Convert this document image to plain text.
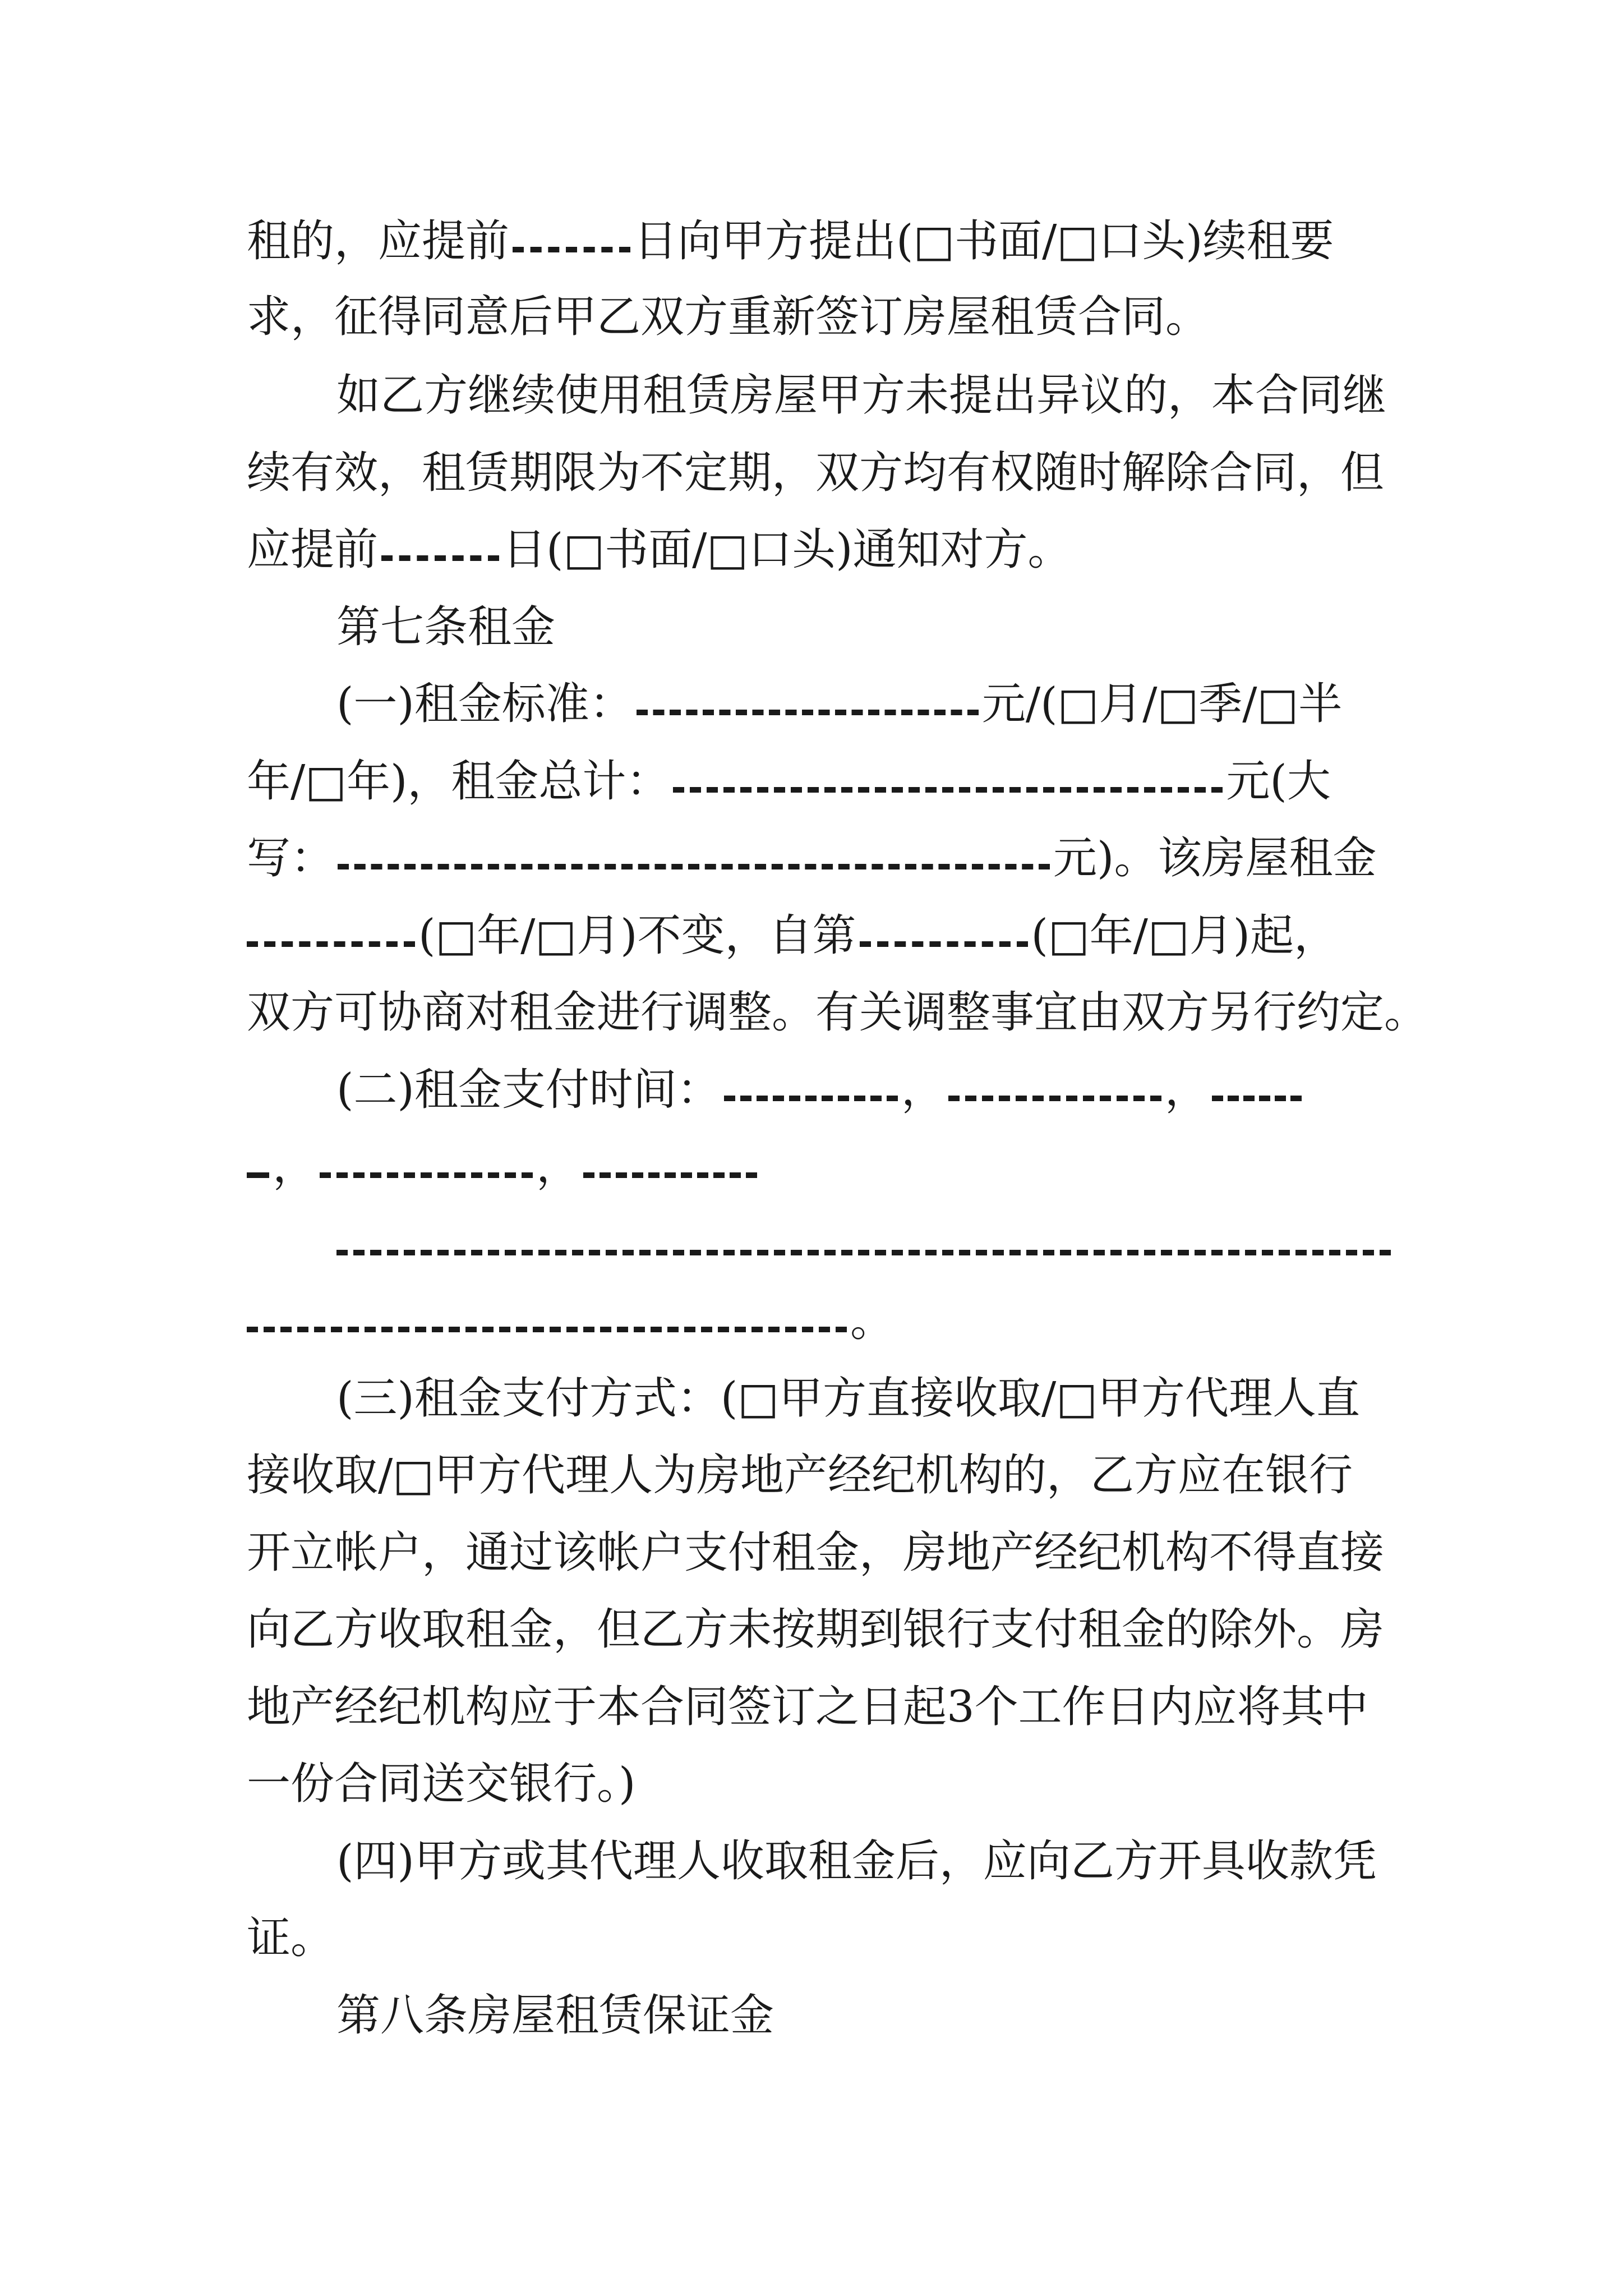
租的，应提前	日向甲方提出(□书面/□口头)续租要
求，征得同意后甲乙双方重新签订房屋租赁合同。
如乙方继续使用租赁房屋甲方未提出异议的，本合同继
续有效，租赁期限为不定期，双方均有权随时解除合同，但
应提前	日(□书面/□口头)通知对方。
第七条租金
(一)租金标准：	元/(□月/□季/□半
年/□年)，租金总计：	元(大
写：	元)。该房屋租金
(□年/□月)不变，自第	(□年/□月)起，
双方可协商对租金进行调整。有关调整事宜由双方另行约定。
(二)租金支付时间：	，	，
，	，
。
(三)租金支付方式：(□甲方直接收取/□甲方代理人直
接收取/□甲方代理人为房地产经纪机构的，乙方应在银行
开立帐户，通过该帐户支付租金，房地产经纪机构不得直接
向乙方收取租金，但乙方未按期到银行支付租金的除外。房
地产经纪机构应于本合同签订之日起3个工作日内应将其中
一份合同送交银行。)
(四)甲方或其代理人收取租金后，应向乙方开具收款凭
证。
第八条房屋租赁保证金
